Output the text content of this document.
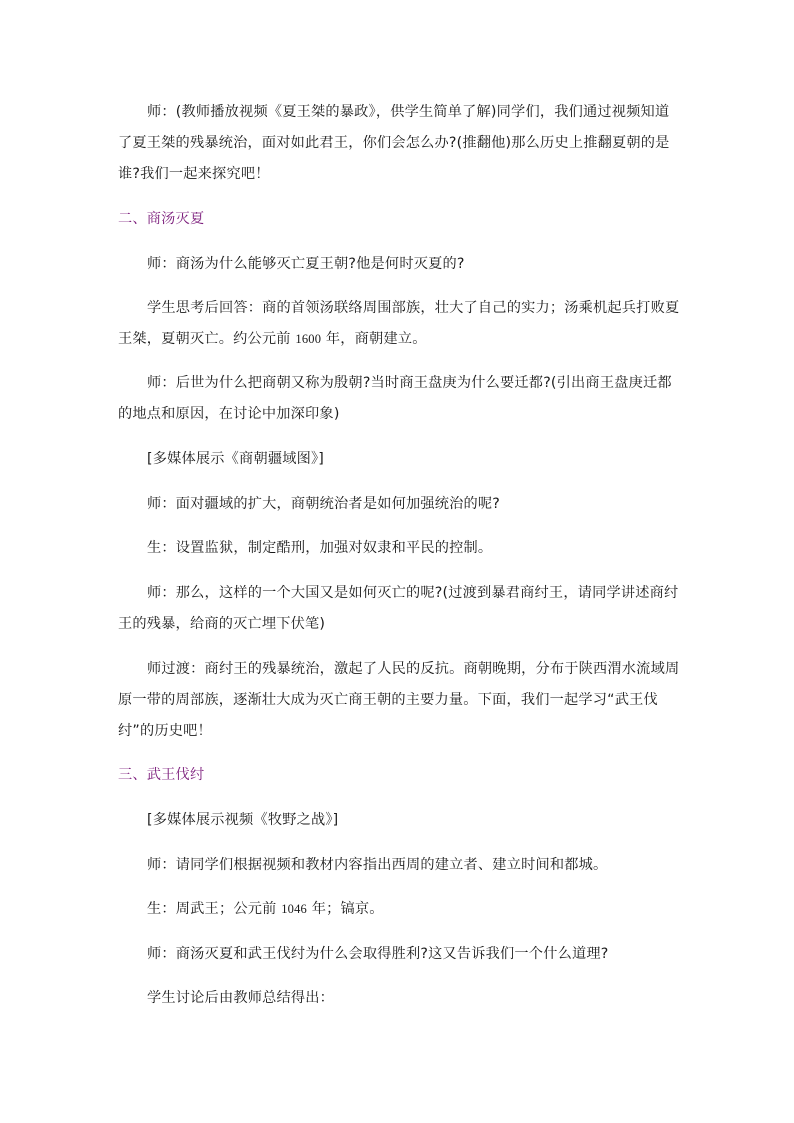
师：(教师播放视频《夏王桀的暴政》，供学生简单了解)同学们，我们通过视频知道了夏王桀的残暴统治，面对如此君王，你们会怎么办?(推翻他)那么历史上推翻夏朝的是谁?我们一起来探究吧！

二、商汤灭夏

师：商汤为什么能够灭亡夏王朝?他是何时灭夏的?

学生思考后回答：商的首领汤联络周围部族，壮大了自己的实力；汤乘机起兵打败夏王桀，夏朝灭亡。约公元前 1600 年，商朝建立。

师：后世为什么把商朝又称为殷朝?当时商王盘庚为什么要迁都?(引出商王盘庚迁都的地点和原因，在讨论中加深印象)

[多媒体展示《商朝疆域图》]

师：面对疆域的扩大，商朝统治者是如何加强统治的呢?

生：设置监狱，制定酷刑，加强对奴隶和平民的控制。

师：那么，这样的一个大国又是如何灭亡的呢?(过渡到暴君商纣王，请同学讲述商纣王的残暴，给商的灭亡埋下伏笔)

师过渡：商纣王的残暴统治，激起了人民的反抗。商朝晚期，分布于陕西渭水流域周原一带的周部族，逐渐壮大成为灭亡商王朝的主要力量。下面，我们一起学习“武王伐纣”的历史吧！

三、武王伐纣

[多媒体展示视频《牧野之战》]

师：请同学们根据视频和教材内容指出西周的建立者、建立时间和都城。

生：周武王；公元前 1046 年；镐京。

师：商汤灭夏和武王伐纣为什么会取得胜利?这又告诉我们一个什么道理?

学生讨论后由教师总结得出：
